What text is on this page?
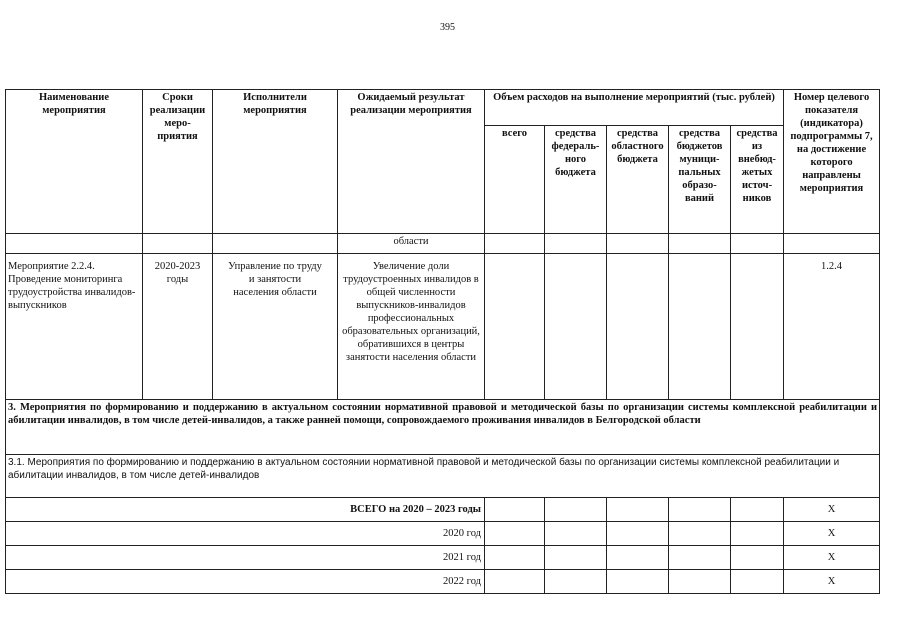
395
Наименование мероприятия	Сроки реализации меро- приятия	Исполнители мероприятия	Ожидаемый результат реализации мероприятия	Объем расходов на выполнение мероприятий (тыс. рублей)					Номер целевого показателя (индикатора) подпрограммы 7, на достижение которого направлены мероприятия
				всего	средства федераль- ного бюджета	средства областного бюджета	средства бюджетов муници- пальных образо- ваний	средства из внебюд- жетых источ- ников	
			области						
Мероприятие 2.2.4. Проведение мониторинга трудоустройства инвалидов-выпускников	2020-2023 годы	Управление по труду и занятости населения области	Увеличение доли трудоустроенных инвалидов в общей численности выпускников-инвалидов профессиональных образовательных организаций, обратившихся в центры занятости населения области						1.2.4
3. Мероприятия по формированию и поддержанию в актуальном состоянии нормативной правовой и методической базы по организации системы комплексной реабилитации и абилитации инвалидов, в том числе детей-инвалидов, а также ранней помощи, сопровождаемого проживания инвалидов в Белгородской области									
3.1. Мероприятия по формированию и поддержанию в актуальном состоянии нормативной правовой и методической базы по организации системы комплексной реабилитации и абилитации инвалидов, в том числе детей-инвалидов									
ВСЕГО на 2020 – 2023 годы									Х
2020 год									Х
2021 год									Х
2022 год									Х
